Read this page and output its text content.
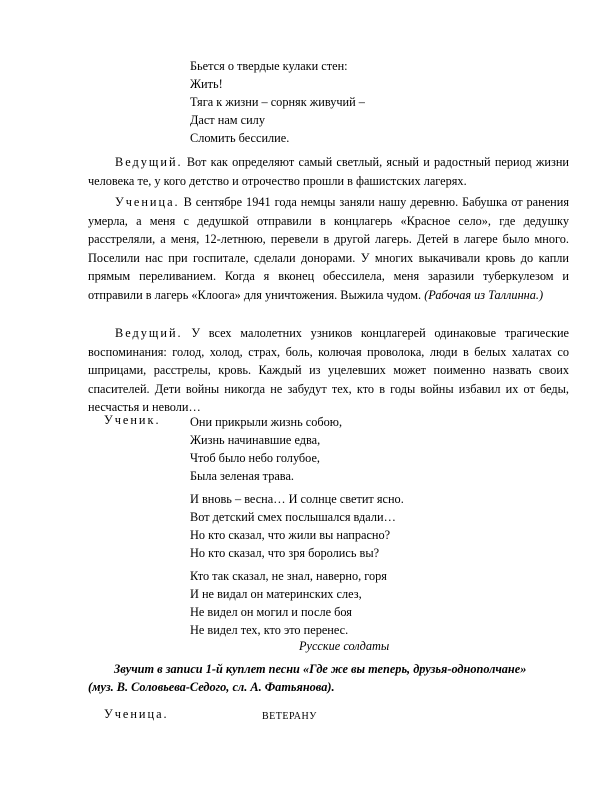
Бьется о твердые кулаки стен:
Жить!
Тяга к жизни – сорняк живучий –
Даст нам силу
Сломить бессилие.
Ведущий. Вот как определяют самый светлый, ясный и радостный период жизни человека те, у кого детство и отрочество прошли в фашистских лагерях.
Ученица. В сентябре 1941 года немцы заняли нашу деревню. Бабушка от ранения умерла, а меня с дедушкой отправили в концлагерь «Красное село», где дедушку расстреляли, а меня, 12-летнюю, перевели в другой лагерь. Детей в лагере было много. Поселили нас при госпитале, сделали донорами. У многих выкачивали кровь до капли прямым переливанием. Когда я вконец обессилела, меня заразили туберкулезом и отправили в лагерь «Клоога» для уничтожения. Выжила чудом. (Рабочая из Таллинна.)
Ведущий. У всех малолетних узников концлагерей одинаковые трагические воспоминания: голод, холод, страх, боль, колючая проволока, люди в белых халатах со шприцами, расстрелы, кровь. Каждый из уцелевших может поименно назвать своих спасителей. Дети войны никогда не забудут тех, кто в годы войны избавил их от беды, несчастья и неволи…
Ученик. Они прикрыли жизнь собою,
Жизнь начинавшие едва,
Чтоб было небо голубое,
Была зеленая трава.
И вновь – весна… И солнце светит ясно.
Вот детский смех послышался вдали…
Но кто сказал, что жили вы напрасно?
Но кто сказал, что зря боролись вы?
Кто так сказал, не знал, наверно, горя
И не видал он материнских слез,
Не видел он могил и после боя
Не видел тех, кто это перенес.
Русские солдаты
Звучит в записи 1-й куплет песни «Где же вы теперь, друзья-однополчане»
(муз. В. Соловьева-Седого, сл. А. Фатьянова).
Ученица.	ВЕТЕРАНУ
